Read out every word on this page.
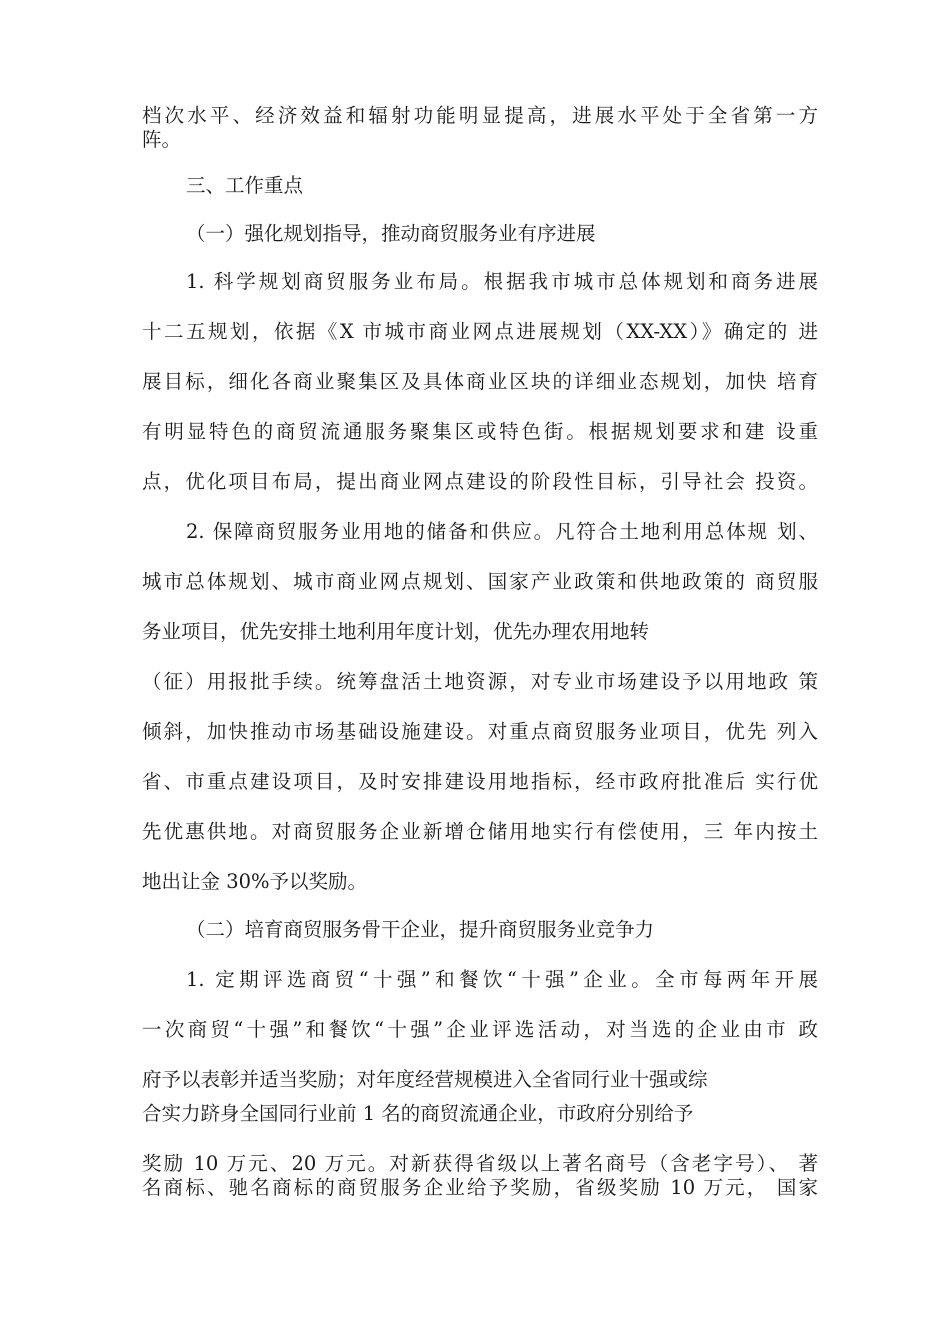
档次水平、经济效益和辐射功能明显提高，进展水平处于全省第一方
阵。
三、工作重点
（一）强化规划指导，推动商贸服务业有序进展
1. 科学规划商贸服务业布局。根据我市城市总体规划和商务进展
十二五规划，依据《X 市城市商业网点进展规划（XX-XX）》确定的 进
展目标，细化各商业聚集区及具体商业区块的详细业态规划，加快 培育
有明显特色的商贸流通服务聚集区或特色街。根据规划要求和建 设重
点，优化项目布局，提出商业网点建设的阶段性目标，引导社会 投资。
2. 保障商贸服务业用地的储备和供应。凡符合土地利用总体规 划、
城市总体规划、城市商业网点规划、国家产业政策和供地政策的 商贸服
务业项目，优先安排土地利用年度计划，优先办理农用地转
（征）用报批手续。统筹盘活土地资源，对专业市场建设予以用地政 策
倾斜，加快推动市场基础设施建设。对重点商贸服务业项目，优先 列入
省、市重点建设项目，及时安排建设用地指标，经市政府批准后 实行优
先优惠供地。对商贸服务企业新增仓储用地实行有偿使用，三 年内按土
地出让金 30%予以奖励。
（二）培育商贸服务骨干企业，提升商贸服务业竞争力
1. 定期评选商贸“十强”和餐饮“十强”企业。全市每两年开展
一次商贸“十强”和餐饮“十强”企业评选活动，对当选的企业由市 政
府予以表彰并适当奖励；对年度经营规模进入全省同行业十强或综
合实力跻身全国同行业前 1 名的商贸流通企业，市政府分别给予
奖励 10 万元、20 万元。对新获得省级以上著名商号（含老字号）、 著
名商标、驰名商标的商贸服务企业给予奖励，省级奖励 10 万元， 国家
